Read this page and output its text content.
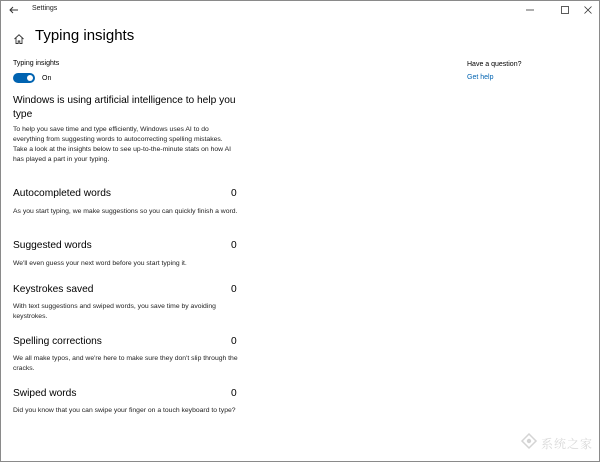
Settings
Typing insights
Typing insights
On
Windows is using artificial intelligence to help you type
To help you save time and type efficiently, Windows uses AI to do everything from suggesting words to autocorrecting spelling mistakes. Take a look at the insights below to see up-to-the-minute stats on how AI has played a part in your typing.
Autocompleted words	0
As you start typing, we make suggestions so you can quickly finish a word.
Suggested words	0
We'll even guess your next word before you start typing it.
Keystrokes saved	0
With text suggestions and swiped words, you save time by avoiding keystrokes.
Spelling corrections	0
We all make typos, and we're here to make sure they don't slip through the cracks.
Swiped words	0
Did you know that you can swipe your finger on a touch keyboard to type?
Have a question?
Get help
系统之家
